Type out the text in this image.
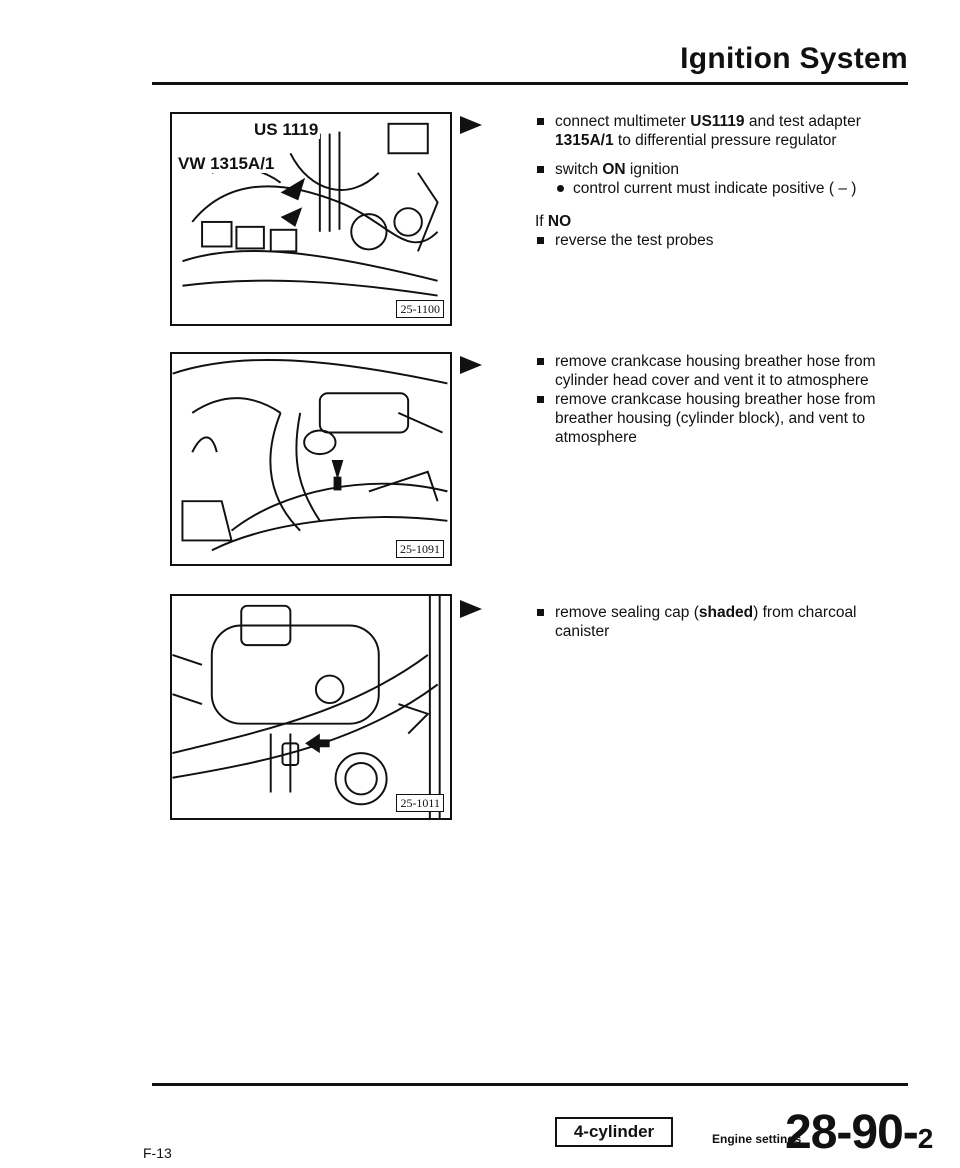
Ignition System
US 1119
VW 1315A/1
25-1100
25-1091
25-1011
connect multimeter US1119 and test adapter 1315A/1 to differential pressure regulator
switch ON ignition
control current must indicate positive ( – )
If NO
reverse the test probes
remove crankcase housing breather hose from cylinder head cover and vent it to atmosphere
remove crankcase housing breather hose from breather housing (cylinder block), and vent to atmosphere
remove sealing cap (shaded) from charcoal canister
F-13
4-cylinder	Engine settings
28-90-2
